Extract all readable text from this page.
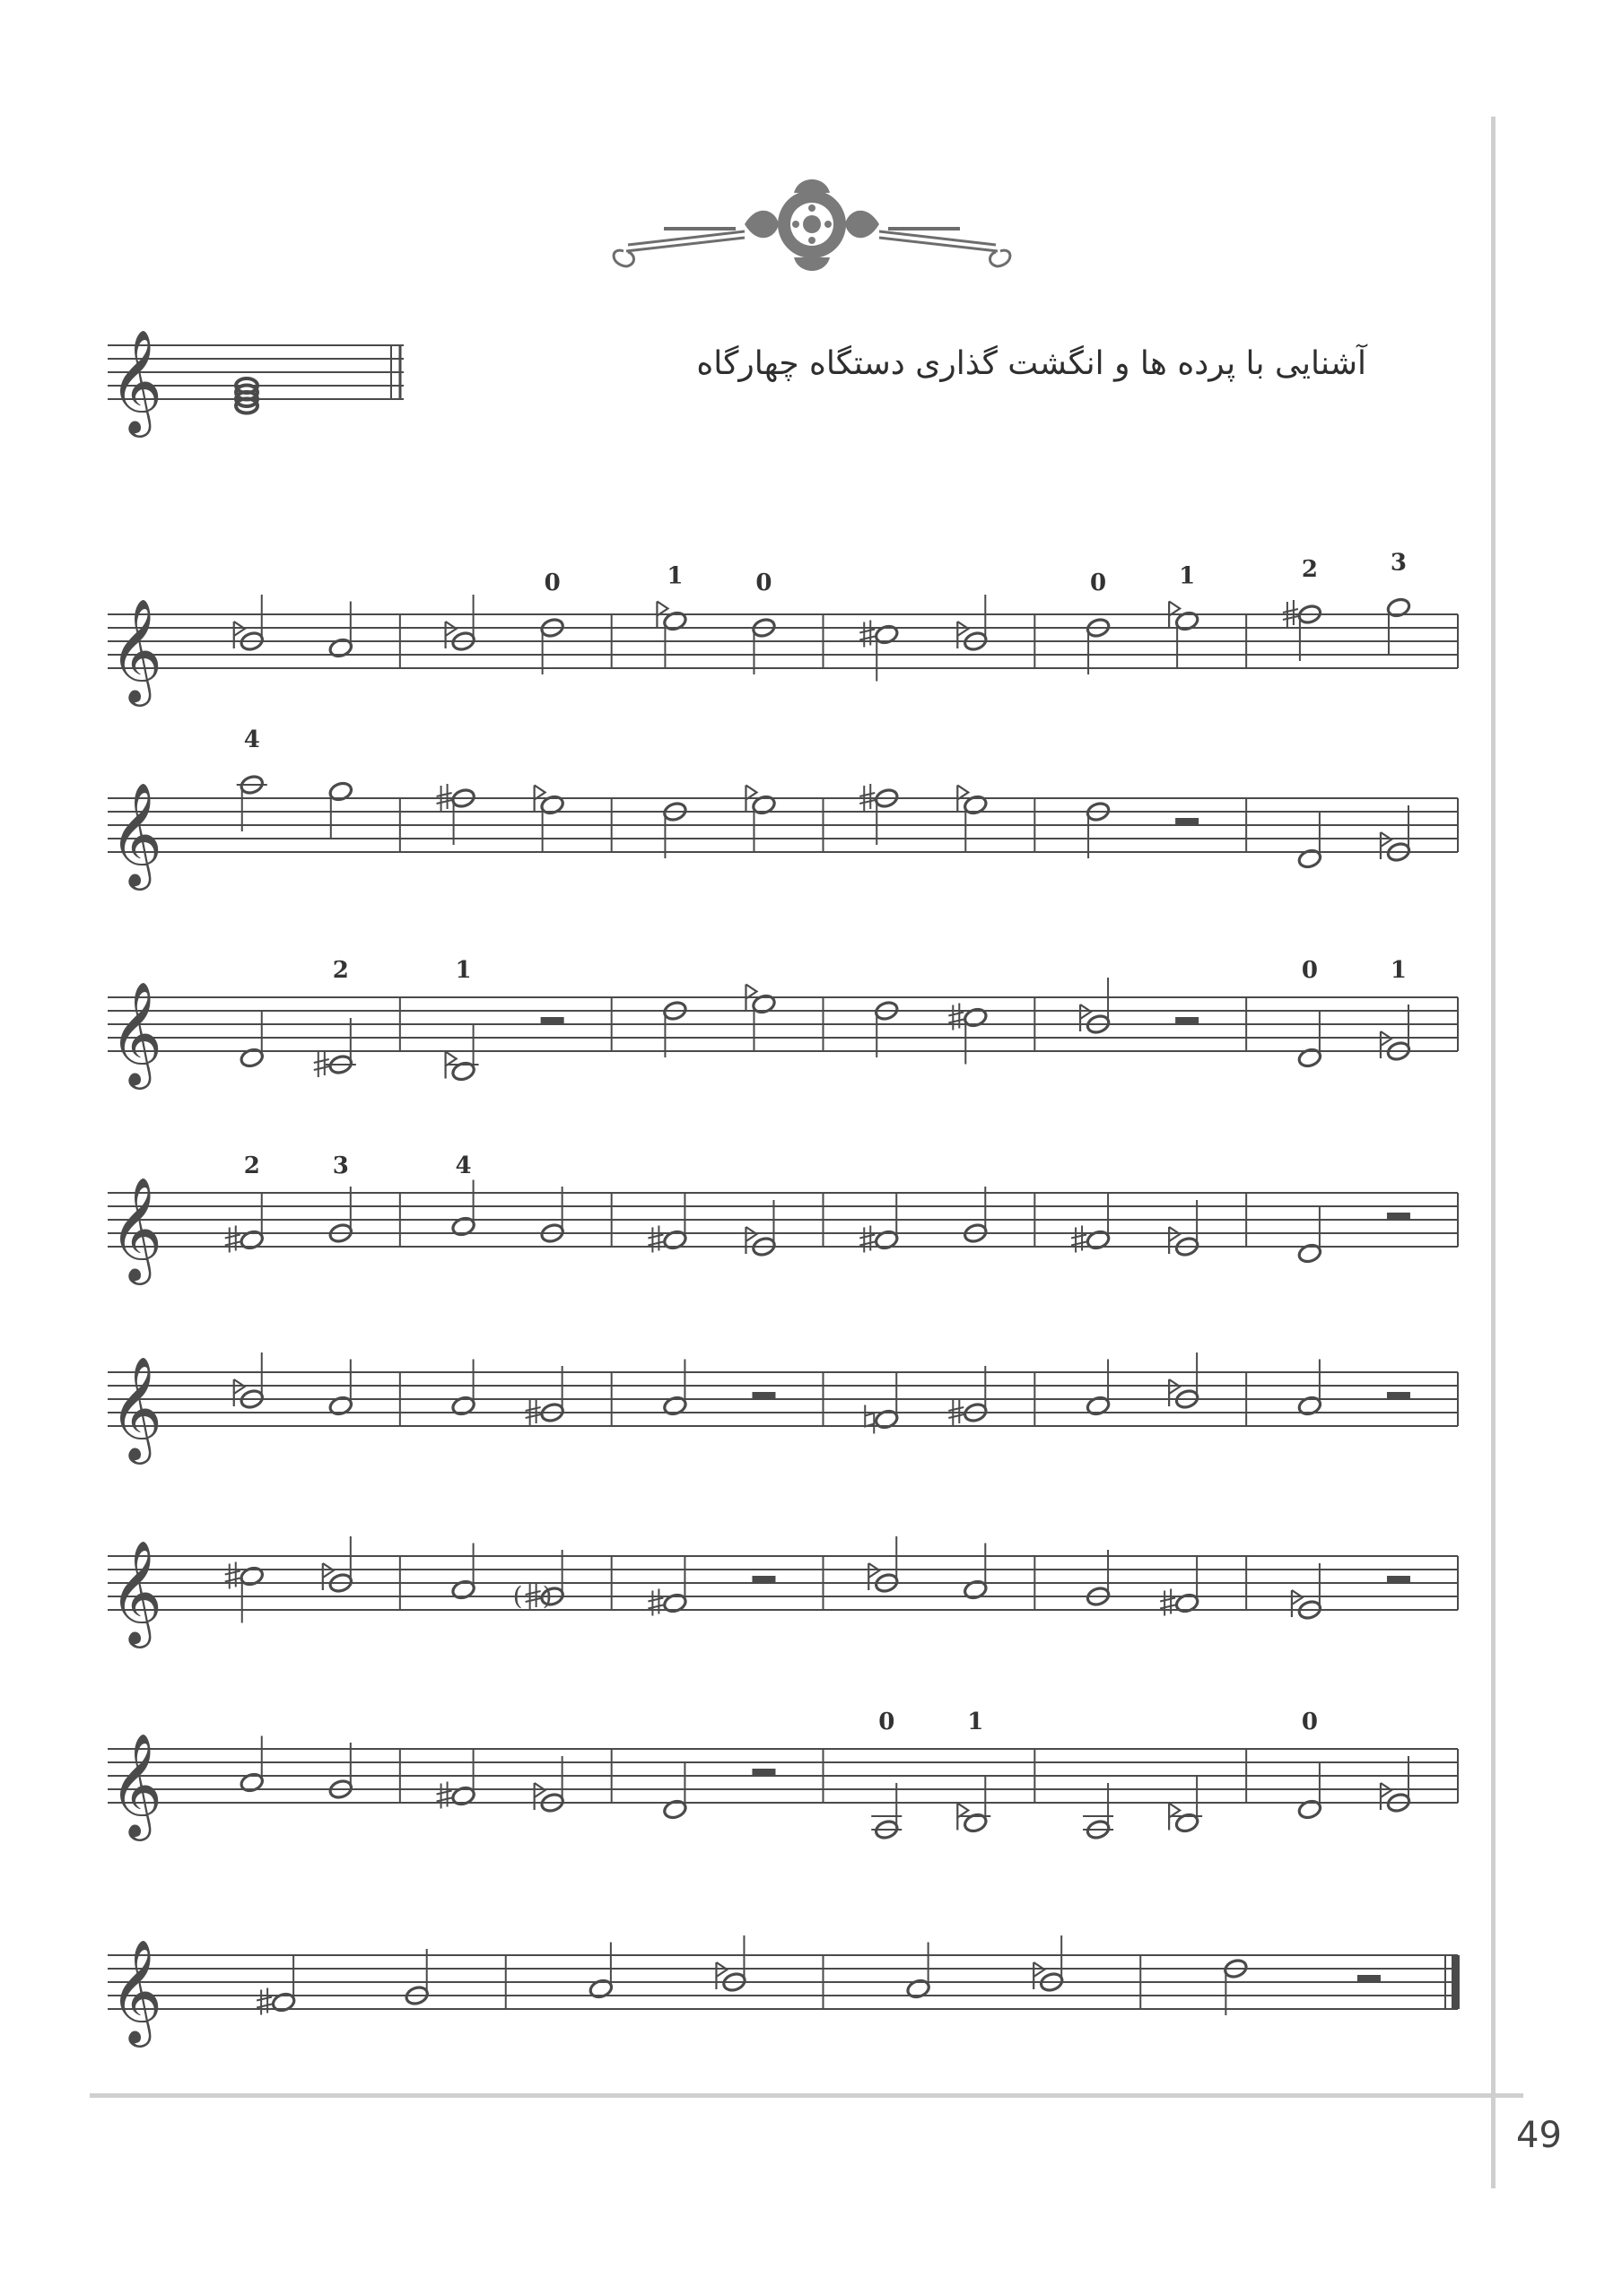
آشنایی با پرده ها و انگشت گذاری دستگاه چهارگاه
𝄞
𝄞
0	1	0	0	1	2	3
𝄞
4
𝄞
2	1	0	1
𝄞
2	3	4
𝄞
𝄞	( )
𝄞
0	1	0
𝄞
49
